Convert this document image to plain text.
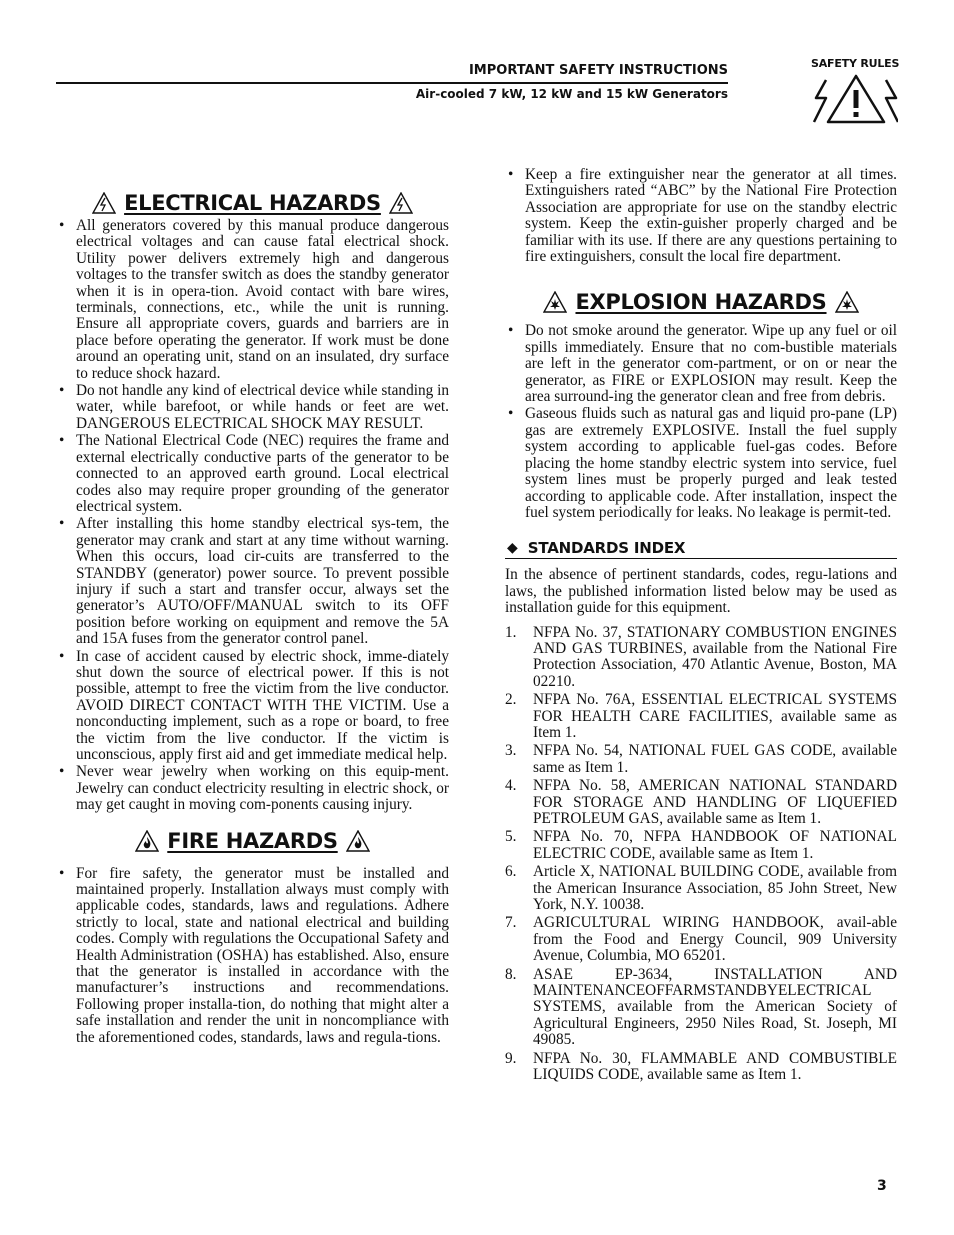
IMPORTANT SAFETY INSTRUCTIONS
Air-cooled 7 kW, 12 kW and 15 kW Generators
SAFETY RULES
ELECTRICAL HAZARDS
• All generators covered by this manual produce dangerous electrical voltages and can cause fatal electrical shock. Utility power delivers extremely high and dangerous voltages to the transfer switch as does the standby generator when it is in opera-tion. Avoid contact with bare wires, terminals, connections, etc., while the unit is running. Ensure all appropriate covers, guards and barriers are in place before operating the generator. If work must be done around an operating unit, stand on an insulated, dry surface to reduce shock hazard.
• Do not handle any kind of electrical device while standing in water, while barefoot, or while hands or feet are wet. DANGEROUS ELECTRICAL SHOCK MAY RESULT.
• The National Electrical Code (NEC) requires the frame and external electrically conductive parts of the generator to be connected to an approved earth ground. Local electrical codes also may require proper grounding of the generator electrical system.
• After installing this home standby electrical sys-tem, the generator may crank and start at any time without warning. When this occurs, load cir-cuits are transferred to the STANDBY (generator) power source. To prevent possible injury if such a start and transfer occur, always set the generator’s AUTO/OFF/MANUAL switch to its OFF position before working on equipment and remove the 5A and 15A fuses from the generator control panel.
• In case of accident caused by electric shock, imme-diately shut down the source of electrical power. If this is not possible, attempt to free the victim from the live conductor. AVOID DIRECT CONTACT WITH THE VICTIM. Use a nonconducting implement, such as a rope or board, to free the victim from the live conductor. If the victim is unconscious, apply first aid and get immediate medical help.
• Never wear jewelry when working on this equip-ment. Jewelry can conduct electricity resulting in electric shock, or may get caught in moving com-ponents causing injury.
FIRE HAZARDS
• For fire safety, the generator must be installed and maintained properly. Installation always must comply with applicable codes, standards, laws and regulations. Adhere strictly to local, state and national electrical and building codes. Comply with regulations the Occupational Safety and Health Administration (OSHA) has established. Also, ensure that the generator is installed in accordance with the manufacturer’s instructions and recommendations. Following proper installa-tion, do nothing that might alter a safe installation and render the unit in noncompliance with the aforementioned codes, standards, laws and regula-tions.
• Keep a fire extinguisher near the generator at all times. Extinguishers rated “ABC” by the National Fire Protection Association are appropriate for use on the standby electric system. Keep the extin-guisher properly charged and be familiar with its use. If there are any questions pertaining to fire extinguishers, consult the local fire department.
EXPLOSION HAZARDS
• Do not smoke around the generator. Wipe up any fuel or oil spills immediately. Ensure that no com-bustible materials are left in the generator com-partment, or on or near the generator, as FIRE or EXPLOSION may result. Keep the area surround-ing the generator clean and free from debris.
• Gaseous fluids such as natural gas and liquid pro-pane (LP) gas are extremely EXPLOSIVE. Install the fuel supply system according to applicable fuel-gas codes. Before placing the home standby electric system into service, fuel system lines must be properly purged and leak tested according to applicable code. After installation, inspect the fuel system periodically for leaks. No leakage is permit-ted.
◆ STANDARDS INDEX
In the absence of pertinent standards, codes, regu-lations and laws, the published information listed below may be used as installation guide for this equipment.
1. NFPA No. 37, STATIONARY COMBUSTION ENGINES AND GAS TURBINES, available from the National Fire Protection Association, 470 Atlantic Avenue, Boston, MA 02210.
2. NFPA No. 76A, ESSENTIAL ELECTRICAL SYSTEMS FOR HEALTH CARE FACILITIES, available same as Item 1.
3. NFPA No. 54, NATIONAL FUEL GAS CODE, available same as Item 1.
4. NFPA No. 58, AMERICAN NATIONAL STANDARD FOR STORAGE AND HANDLING OF LIQUEFIED PETROLEUM GAS, available same as Item 1.
5. NFPA No. 70, NFPA HANDBOOK OF NATIONAL ELECTRIC CODE, available same as Item 1.
6. Article X, NATIONAL BUILDING CODE, available from the American Insurance Association, 85 John Street, New York, N.Y. 10038.
7. AGRICULTURAL WIRING HANDBOOK, avail-able from the Food and Energy Council, 909 University Avenue, Columbia, MO 65201.
8. ASAE EP-3634, INSTALLATION AND MAINTENANCEOFFARMSTANDBYELECTRICAL SYSTEMS, available from the American Society of Agricultural Engineers, 2950 Niles Road, St. Joseph, MI 49085.
9. NFPA No. 30, FLAMMABLE AND COMBUSTIBLE LIQUIDS CODE, available same as Item 1.
3
